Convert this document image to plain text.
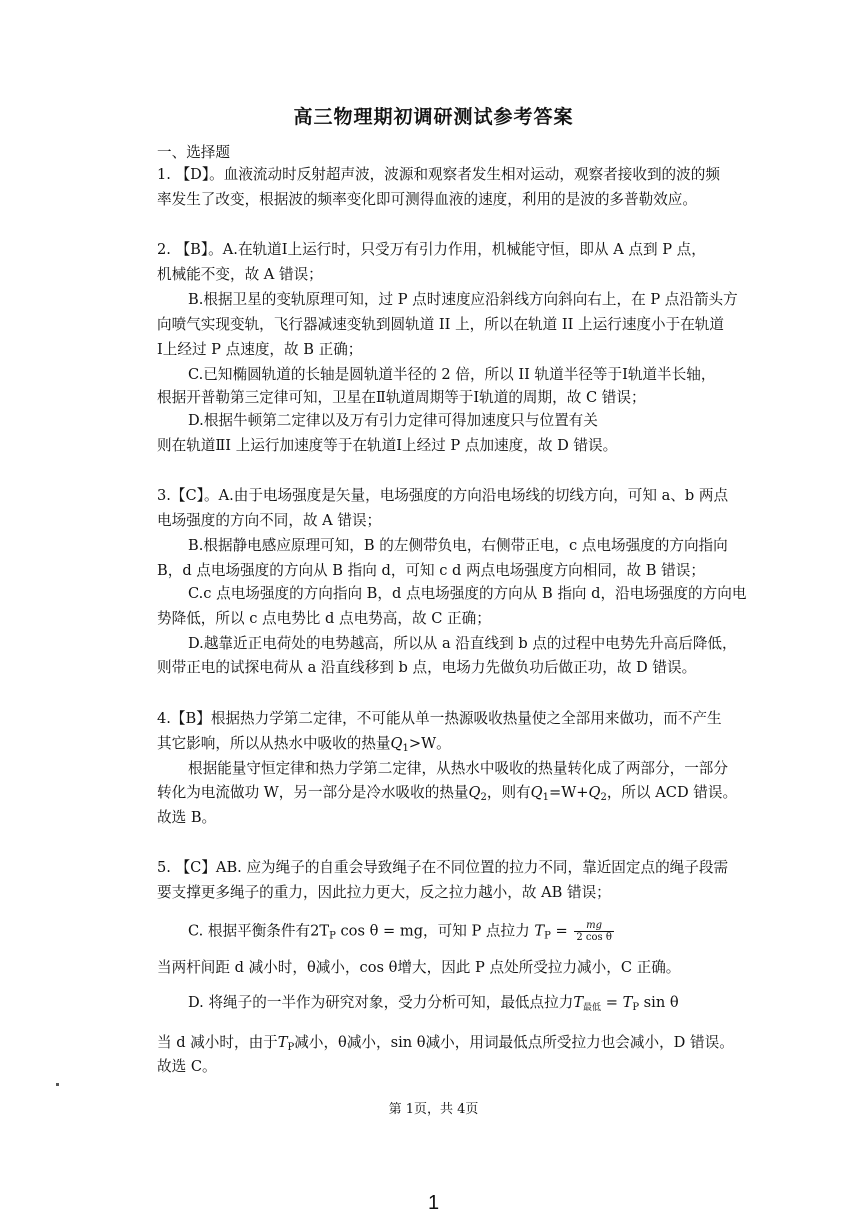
高三物理期初调研测试参考答案
一、选择题
1. 【D】。血液流动时反射超声波，波源和观察者发生相对运动，观察者接收到的波的频
率发生了改变，根据波的频率变化即可测得血液的速度，利用的是波的多普勒效应。
2. 【B】。A.在轨道Ⅰ上运行时，只受万有引力作用，机械能守恒，即从 A 点到 P 点，
机械能不变，故 A 错误；
B.根据卫星的变轨原理可知，过 P 点时速度应沿斜线方向斜向右上，在 P 点沿箭头方
向喷气实现变轨，飞行器减速变轨到圆轨道 II 上，所以在轨道 II 上运行速度小于在轨道
Ⅰ上经过 P 点速度，故 B 正确；
C.已知椭圆轨道的长轴是圆轨道半径的 2 倍，所以 II 轨道半径等于Ⅰ轨道半长轴，
根据开普勒第三定律可知，卫星在Ⅱ轨道周期等于Ⅰ轨道的周期，故 C 错误；
D.根据牛顿第二定律以及万有引力定律可得加速度只与位置有关
则在轨道ⅡI 上运行加速度等于在轨道Ⅰ上经过 P 点加速度，故 D 错误。
3.【C】。A.由于电场强度是矢量，电场强度的方向沿电场线的切线方向，可知 a、b 两点
电场强度的方向不同，故 A 错误；
B.根据静电感应原理可知，B 的左侧带负电，右侧带正电，c 点电场强度的方向指向
B，d 点电场强度的方向从 B 指向 d，可知 c d 两点电场强度方向相同，故 B 错误；
C.c 点电场强度的方向指向 B，d 点电场强度的方向从 B 指向 d，沿电场强度的方向电
势降低，所以 c 点电势比 d 点电势高，故 C 正确；
D.越靠近正电荷处的电势越高，所以从 a 沿直线到 b 点的过程中电势先升高后降低，
则带正电的试探电荷从 a 沿直线移到 b 点，电场力先做负功后做正功，故 D 错误。
4.【B】根据热力学第二定律，不可能从单一热源吸收热量使之全部用来做功，而不产生
其它影响，所以从热水中吸收的热量$Q_1>W$。
根据能量守恒定律和热力学第二定律，从热水中吸收的热量转化成了两部分，一部分
转化为电流做功 W，另一部分是冷水吸收的热量$Q_2$，则有$Q_1=W+Q_2$，所以 ACD 错误。
故选 B。
5. 【C】AB. 应为绳子的自重会导致绳子在不同位置的拉力不同，靠近固定点的绳子段需
要支撑更多绳子的重力，因此拉力更大，反之拉力越小，故 AB 错误；
C. 根据平衡条件有$2T_P$ cos θ = mg，可知 P 点拉力 $T_P = \frac{mg}{\text{2 cos θ}}$
当两杆间距 d 减小时，θ减小，cos θ增大，因此 P 点处所受拉力减小，C 正确。
D. 将绳子的一半作为研究对象，受力分析可知，最低点拉力$T_{最低} = T_P$ sin θ
当 d 减小时，由于$T_P$减小，θ减小，sin θ减小，用词最低点所受拉力也会减小，D 错误。
故选 C。
第 1页，共 4页
1
